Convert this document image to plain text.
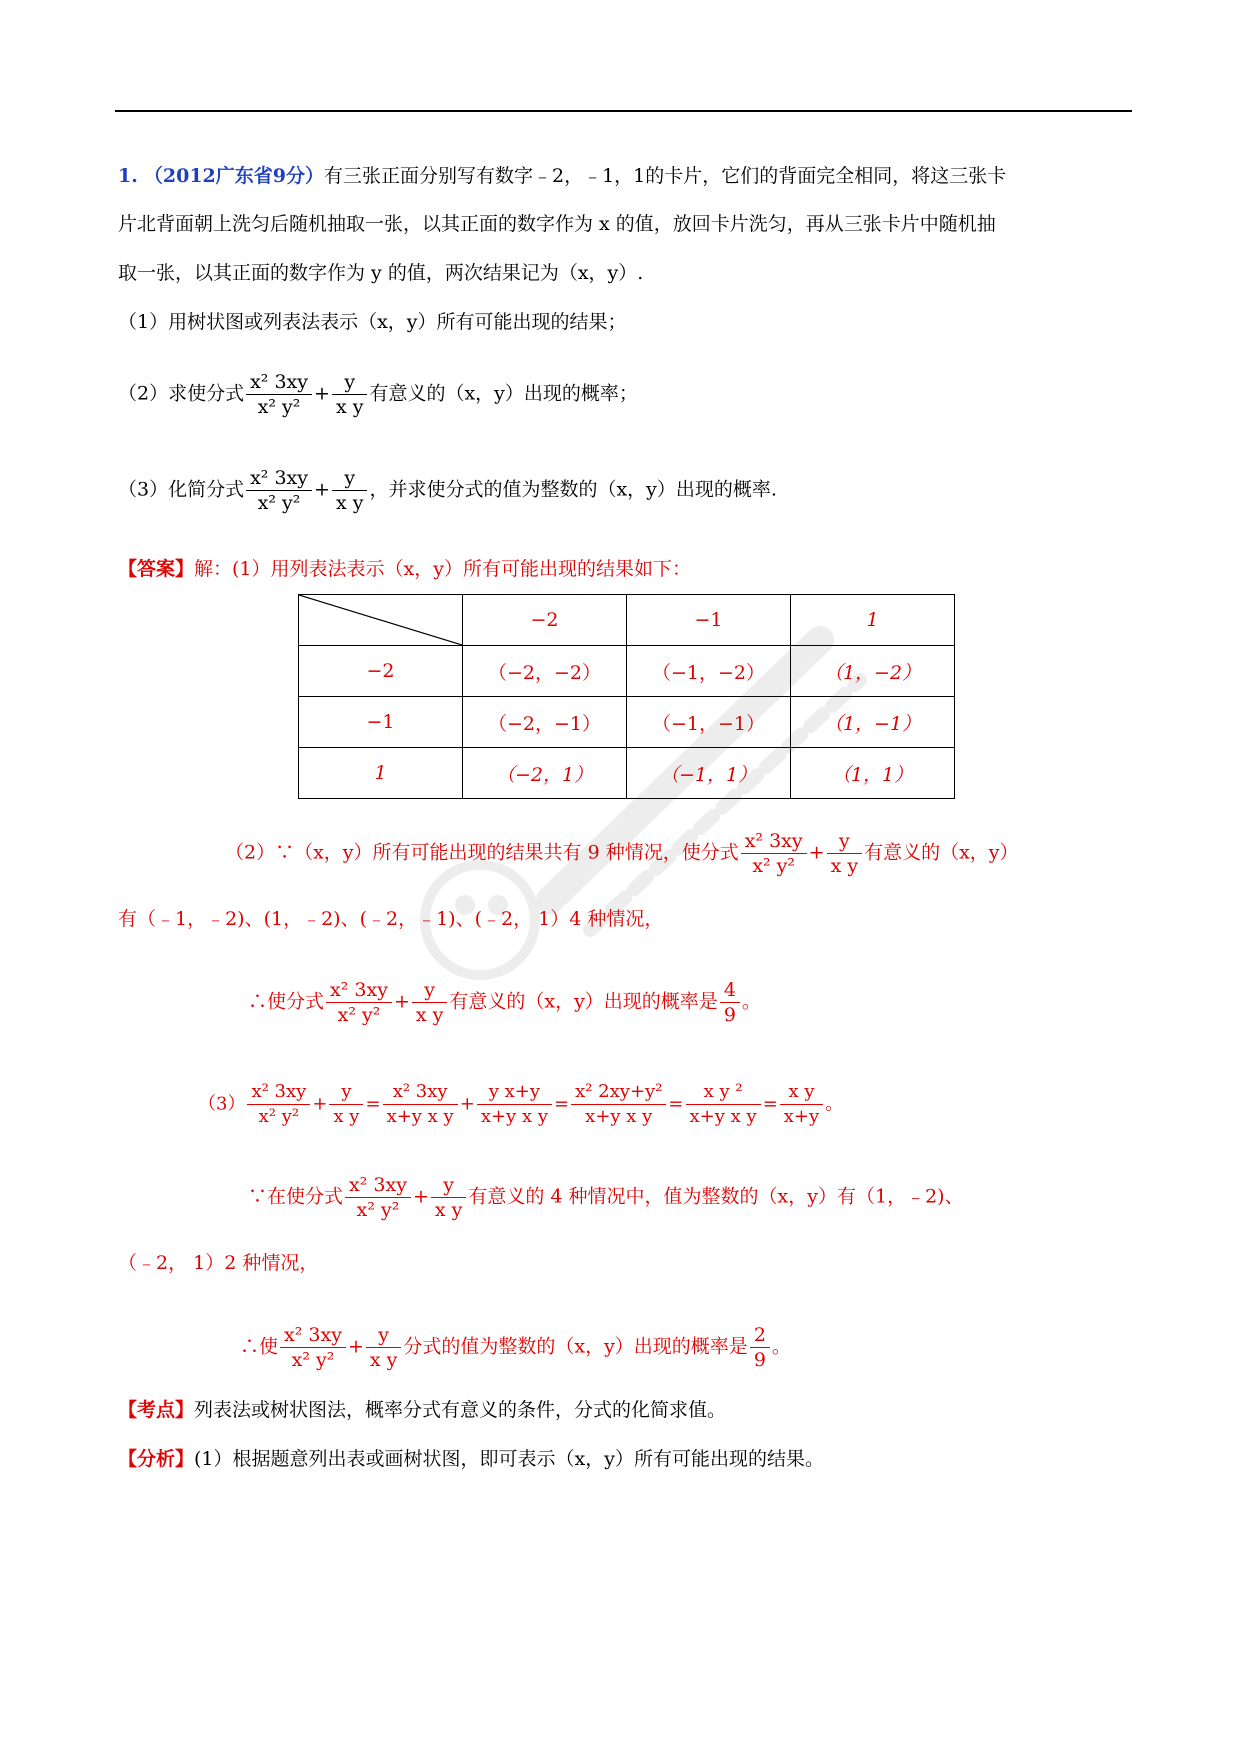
1. （2012广东省9分）有三张正面分别写有数字﹣2，﹣1，1的卡片，它们的背面完全相同，将这三张卡
片北背面朝上洗匀后随机抽取一张，以其正面的数字作为 x 的值，放回卡片洗匀，再从三张卡片中随机抽
取一张，以其正面的数字作为 y 的值，两次结果记为（x，y）.
（1）用树状图或列表法表示（x，y）所有可能出现的结果；
（2）求使分式 $\frac{\text{x² 3xy}}{\text{x² y²}} + \frac{y}{\text{x y}}$ 有意义的（x，y）出现的概率；
（3）化简分式 $\frac{\text{x² 3xy}}{\text{x² y²}} + \frac{y}{\text{x y}}$ ，并求使分式的值为整数的（x，y）出现的概率.
【答案】解：(1）用列表法表示（x，y）所有可能出现的结果如下：
	−2	−1	1
−2	（−2，−2）	（−1，−2）	（1，−2）
−1	（−2，−1）	（−1，−1）	（1，−1）
1	（−2，1）	（−1，1）	（1，1）
（2）∵（x，y）所有可能出现的结果共有 9 种情况，使分式 $\frac{\text{x² 3xy}}{\text{x² y²}} + \frac{y}{\text{x y}}$ 有意义的（x，y）
有（﹣1，﹣2)、(1，﹣2)、(﹣2，﹣1)、(﹣2， 1）4 种情况，
∴使分式 $\frac{\text{x² 3xy}}{\text{x² y²}} + \frac{y}{\text{x y}}$ 有意义的（x，y）出现的概率是 $\frac{4}{9}$ 。
$(3) \frac{\text{x² 3xy}}{\text{x² y²}} + \frac{y}{\text{x y}} = \frac{\text{x² 3xy}}{\text{x+y x y}} + \frac{\text{y x+y}}{\text{x+y x y}} = \frac{\text{x² 2xy+y²}}{\text{x+y x y}} = \frac{\text{x y ²}}{\text{x+y x y}} = \frac{\text{x y}}{x+y}$ 。
∵在使分式 $\frac{\text{x² 3xy}}{\text{x² y²}} + \frac{y}{\text{x y}}$ 有意义的 4 种情况中，值为整数的（x，y）有（1，﹣2)、
（﹣2， 1）2 种情况，
∴使 $\frac{\text{x² 3xy}}{\text{x² y²}} + \frac{y}{\text{x y}}$ 分式的值为整数的（x，y）出现的概率是 $\frac{2}{9}$ 。
【考点】列表法或树状图法，概率分式有意义的条件，分式的化简求值。
【分析】(1）根据题意列出表或画树状图，即可表示（x，y）所有可能出现的结果。
